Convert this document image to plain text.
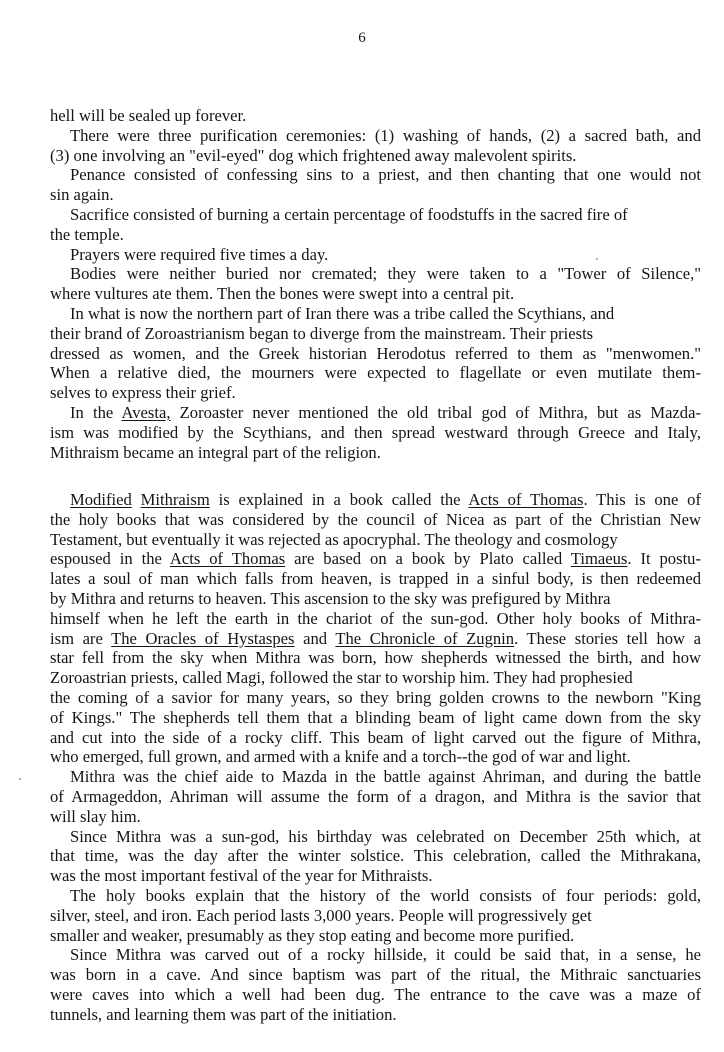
6
hell will be sealed up forever.
There were three purification ceremonies: (1) washing of hands, (2) a sacred bath, and
(3) one involving an "evil-eyed" dog which frightened away malevolent spirits.
Penance consisted of confessing sins to a priest, and then chanting that one would not
sin again.
Sacrifice consisted of burning a certain percentage of foodstuffs in the sacred fire of
the temple.
Prayers were required five times a day.
Bodies were neither buried nor cremated; they were taken to a "Tower of Silence,"
where vultures ate them. Then the bones were swept into a central pit.
In what is now the northern part of Iran there was a tribe called the Scythians, and
their brand of Zoroastrianism began to diverge from the mainstream. Their priests
dressed as women, and the Greek historian Herodotus referred to them as "menwomen."
When a relative died, the mourners were expected to flagellate or even mutilate them-
selves to express their grief.
In the Avesta, Zoroaster never mentioned the old tribal god of Mithra, but as Mazda-
ism was modified by the Scythians, and then spread westward through Greece and Italy,
Mithraism became an integral part of the religion.
Modified Mithraism is explained in a book called the Acts of Thomas. This is one of
the holy books that was considered by the council of Nicea as part of the Christian New
Testament, but eventually it was rejected as apocryphal. The theology and cosmology
espoused in the Acts of Thomas are based on a book by Plato called Timaeus. It postu-
lates a soul of man which falls from heaven, is trapped in a sinful body, is then redeemed
by Mithra and returns to heaven. This ascension to the sky was prefigured by Mithra
himself when he left the earth in the chariot of the sun-god. Other holy books of Mithra-
ism are The Oracles of Hystaspes and The Chronicle of Zugnin. These stories tell how a
star fell from the sky when Mithra was born, how shepherds witnessed the birth, and how
Zoroastrian priests, called Magi, followed the star to worship him. They had prophesied
the coming of a savior for many years, so they bring golden crowns to the newborn "King
of Kings." The shepherds tell them that a blinding beam of light came down from the sky
and cut into the side of a rocky cliff. This beam of light carved out the figure of Mithra,
who emerged, full grown, and armed with a knife and a torch--the god of war and light.
Mithra was the chief aide to Mazda in the battle against Ahriman, and during the battle
of Armageddon, Ahriman will assume the form of a dragon, and Mithra is the savior that
will slay him.
Since Mithra was a sun-god, his birthday was celebrated on December 25th which, at
that time, was the day after the winter solstice. This celebration, called the Mithrakana,
was the most important festival of the year for Mithraists.
The holy books explain that the history of the world consists of four periods: gold,
silver, steel, and iron. Each period lasts 3,000 years. People will progressively get
smaller and weaker, presumably as they stop eating and become more purified.
Since Mithra was carved out of a rocky hillside, it could be said that, in a sense, he
was born in a cave. And since baptism was part of the ritual, the Mithraic sanctuaries
were caves into which a well had been dug. The entrance to the cave was a maze of
tunnels, and learning them was part of the initiation.
